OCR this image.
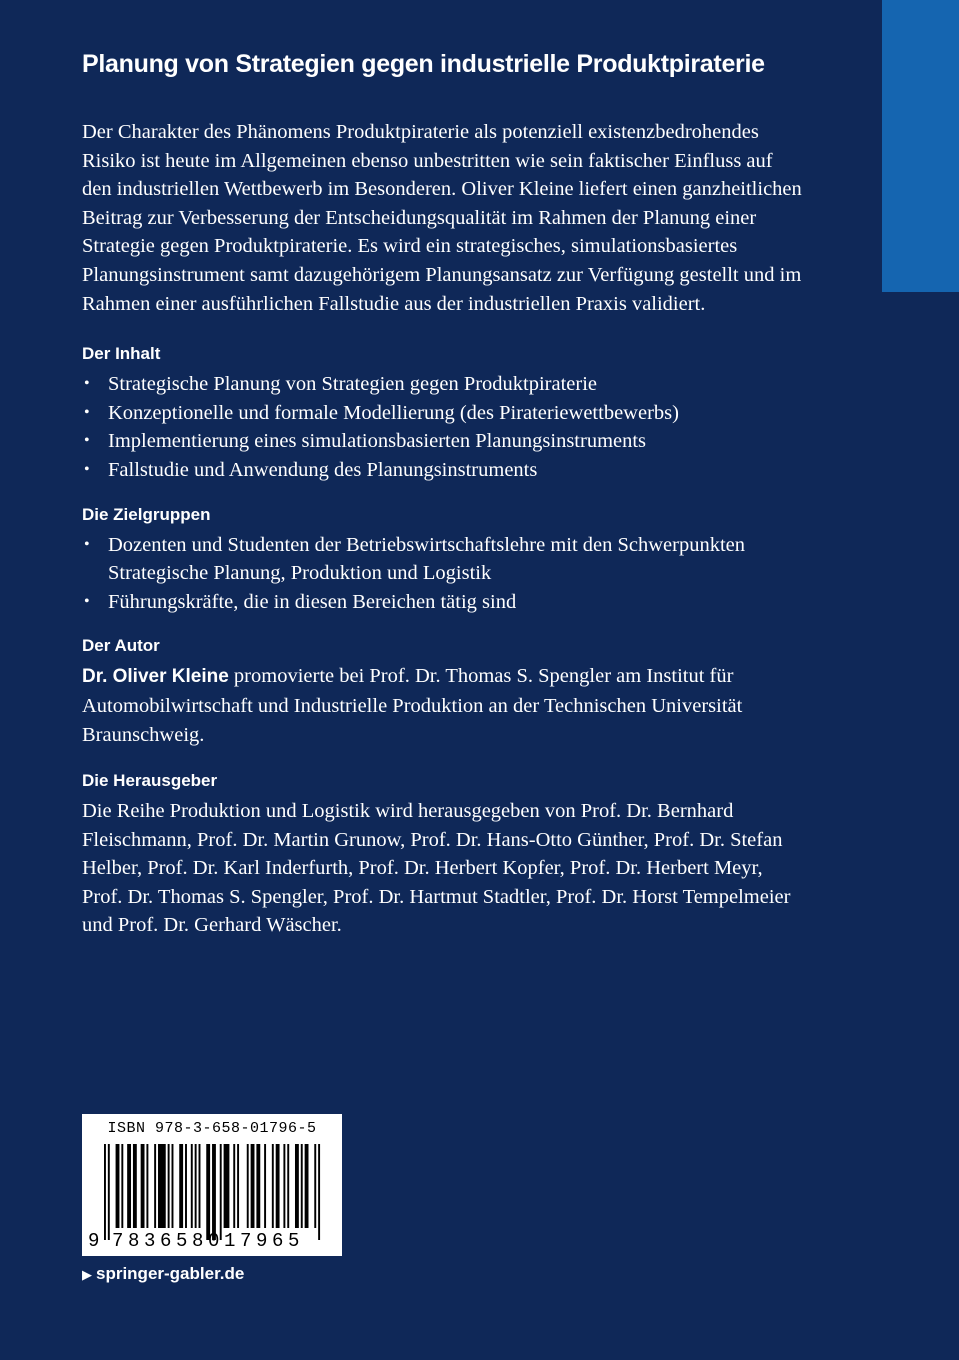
Planung von Strategien gegen industrielle Produktpiraterie

Der Charakter des Phänomens Produktpiraterie als potenziell existenzbedrohendes Risiko ist heute im Allgemeinen ebenso unbestritten wie sein faktischer Einfluss auf den industriellen Wettbewerb im Besonderen. Oliver Kleine liefert einen ganzheitlichen Beitrag zur Verbesserung der Entscheidungsqualität im Rahmen der Planung einer Strategie gegen Produktpiraterie. Es wird ein strategisches, simulationsbasiertes Planungsinstrument samt dazugehörigem Planungsansatz zur Verfügung gestellt und im Rahmen einer ausführlichen Fallstudie aus der industriellen Praxis validiert.

Der Inhalt
• Strategische Planung von Strategien gegen Produktpiraterie
• Konzeptionelle und formale Modellierung (des Pirateriewettbewerbs)
• Implementierung eines simulationsbasierten Planungsinstruments
• Fallstudie und Anwendung des Planungsinstruments
Die Zielgruppen
• Dozenten und Studenten der Betriebswirtschaftslehre mit den Schwerpunkten Strategische Planung, Produktion und Logistik
• Führungskräfte, die in diesen Bereichen tätig sind
Der Autor

Dr. Oliver Kleine promovierte bei Prof. Dr. Thomas S. Spengler am Institut für Automobilwirtschaft und Industrielle Produktion an der Technischen Universität Braunschweig.

Die Herausgeber

Die Reihe Produktion und Logistik wird herausgegeben von Prof. Dr. Bernhard Fleischmann, Prof. Dr. Martin Grunow, Prof. Dr. Hans-Otto Günther, Prof. Dr. Stefan Helber, Prof. Dr. Karl Inderfurth, Prof. Dr. Herbert Kopfer, Prof. Dr. Herbert Meyr, Prof. Dr. Thomas S. Spengler, Prof. Dr. Hartmut Stadtler, Prof. Dr. Horst Tempelmeier und Prof. Dr. Gerhard Wäscher.

ISBN 978-3-658-01796-5
9 783658017965
▶ springer-gabler.de
